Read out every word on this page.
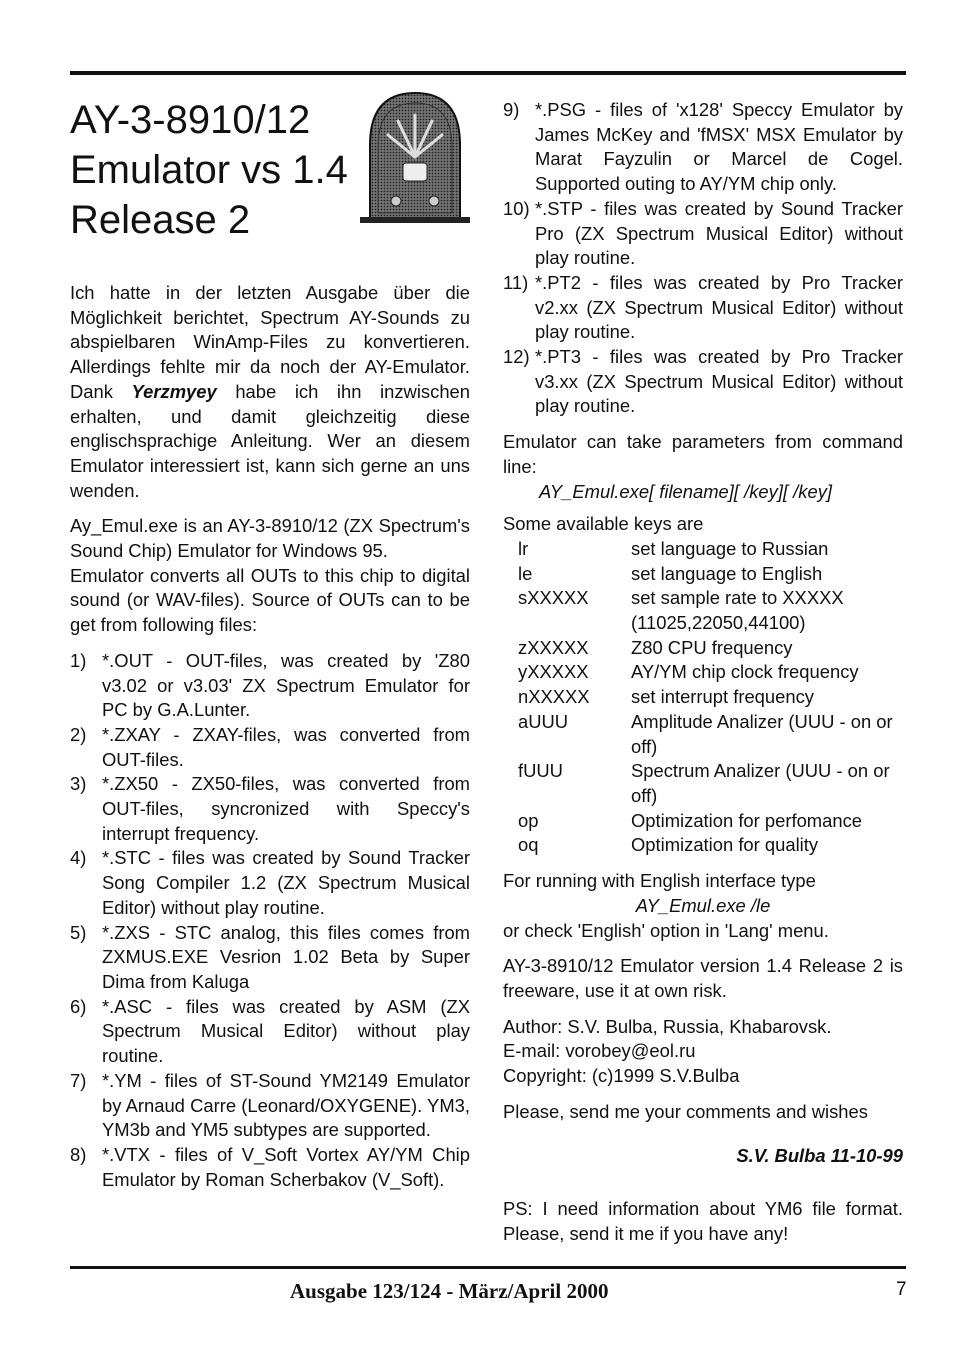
AY-3-8910/12
Emulator vs 1.4
Release 2

Ich hatte in der letzten Ausgabe über die Möglichkeit berichtet, Spectrum AY-Sounds zu abspielbaren WinAmp-Files zu konvertieren. Allerdings fehlte mir da noch der AY-Emulator. Dank Yerzmyey habe ich ihn inzwischen erhalten, und damit gleichzeitig diese englischsprachige Anleitung. Wer an diesem Emulator interessiert ist, kann sich gerne an uns wenden.

Ay_Emul.exe is an AY-3-8910/12 (ZX Spectrum's Sound Chip) Emulator for Windows 95.

Emulator converts all OUTs to this chip to digital sound (or WAV-files). Source of OUTs can to be get from following files:

1) *.OUT - OUT-files, was created by 'Z80 v3.02 or v3.03' ZX Spectrum Emulator for PC by G.A.Lunter.
2) *.ZXAY - ZXAY-files, was converted from OUT-files.
3) *.ZX50 - ZX50-files, was converted from OUT-files, syncronized with Speccy's interrupt frequency.
4) *.STC - files was created by Sound Tracker Song Compiler 1.2 (ZX Spectrum Musical Editor) without play routine.
5) *.ZXS - STC analog, this files comes from ZXMUS.EXE Vesrion 1.02 Beta by Super Dima from Kaluga
6) *.ASC - files was created by ASM (ZX Spectrum Musical Editor) without play routine.
7) *.YM - files of ST-Sound YM2149 Emulator by Arnaud Carre (Leonard/OXYGENE). YM3, YM3b and YM5 subtypes are supported.
8) *.VTX - files of V_Soft Vortex AY/YM Chip Emulator by Roman Scherbakov (V_Soft).
9) *.PSG - files of 'x128' Speccy Emulator by James McKey and 'fMSX' MSX Emulator by Marat Fayzulin or Marcel de Cogel. Supported outing to AY/YM chip only.
10) *.STP - files was created by Sound Tracker Pro (ZX Spectrum Musical Editor) without play routine.
11) *.PT2 - files was created by Pro Tracker v2.xx (ZX Spectrum Musical Editor) without play routine.
12) *.PT3 - files was created by Pro Tracker v3.xx (ZX Spectrum Musical Editor) without play routine.

Emulator can take parameters from command line:

AY_Emul.exe[ filename][ /key][ /key]
Some available keys are
lr	set language to Russian
le	set language to English
sXXXXX	set sample rate to XXXXX (11025,22050,44100)
zXXXXX	Z80 CPU frequency
yXXXXX	AY/YM chip clock frequency
nXXXXX	set interrupt frequency
aUUU	Amplitude Analizer (UUU - on or off)
fUUU	Spectrum Analizer (UUU - on or off)
op	Optimization for perfomance
oq	Optimization for quality
For running with English interface type
AY_Emul.exe /le

or check 'English' option in 'Lang' menu.

AY-3-8910/12 Emulator version 1.4 Release 2 is freeware, use it at own risk.

Author: S.V. Bulba, Russia, Khabarovsk.
E-mail: vorobey@eol.ru

Copyright: (c)1999 S.V.Bulba

Please, send me your comments and wishes

S.V. Bulba 11-10-99

PS: I need information about YM6 file format. Please, send it me if you have any!

Ausgabe 123/124 - März/April 2000	7
